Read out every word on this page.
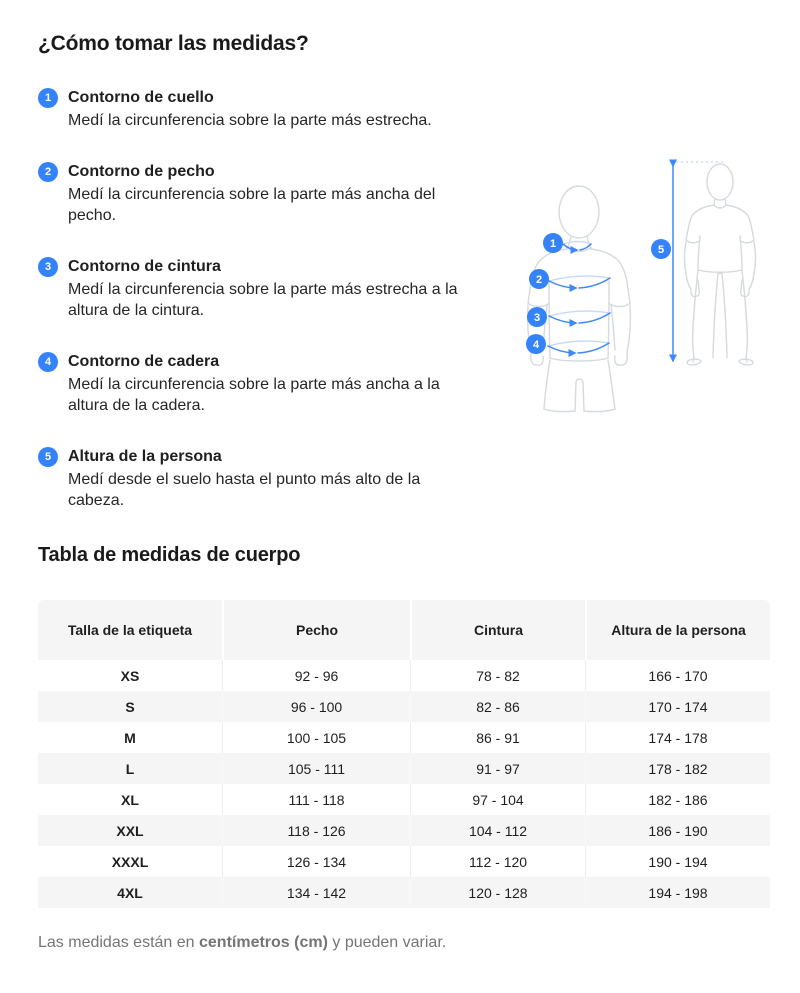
¿Cómo tomar las medidas?
1	Contorno de cuello
Medí la circunferencia sobre la parte más estrecha.
2	Contorno de pecho
Medí la circunferencia sobre la parte más ancha del pecho.
3	Contorno de cintura
Medí la circunferencia sobre la parte más estrecha a la altura de la cintura.
4	Contorno de cadera
Medí la circunferencia sobre la parte más ancha a la altura de la cadera.
5	Altura de la persona
Medí desde el suelo hasta el punto más alto de la cabeza.
1
2
3
4
5
Tabla de medidas de cuerpo
Talla de la etiqueta	Pecho	Cintura	Altura de la persona
XS	92 - 96	78 - 82	166 - 170
S	96 - 100	82 - 86	170 - 174
M	100 - 105	86 - 91	174 - 178
L	105 - 111	91 - 97	178 - 182
XL	111 - 118	97 - 104	182 - 186
XXL	118 - 126	104 - 112	186 - 190
XXXL	126 - 134	112 - 120	190 - 194
4XL	134 - 142	120 - 128	194 - 198
Las medidas están en centímetros (cm) y pueden variar.
